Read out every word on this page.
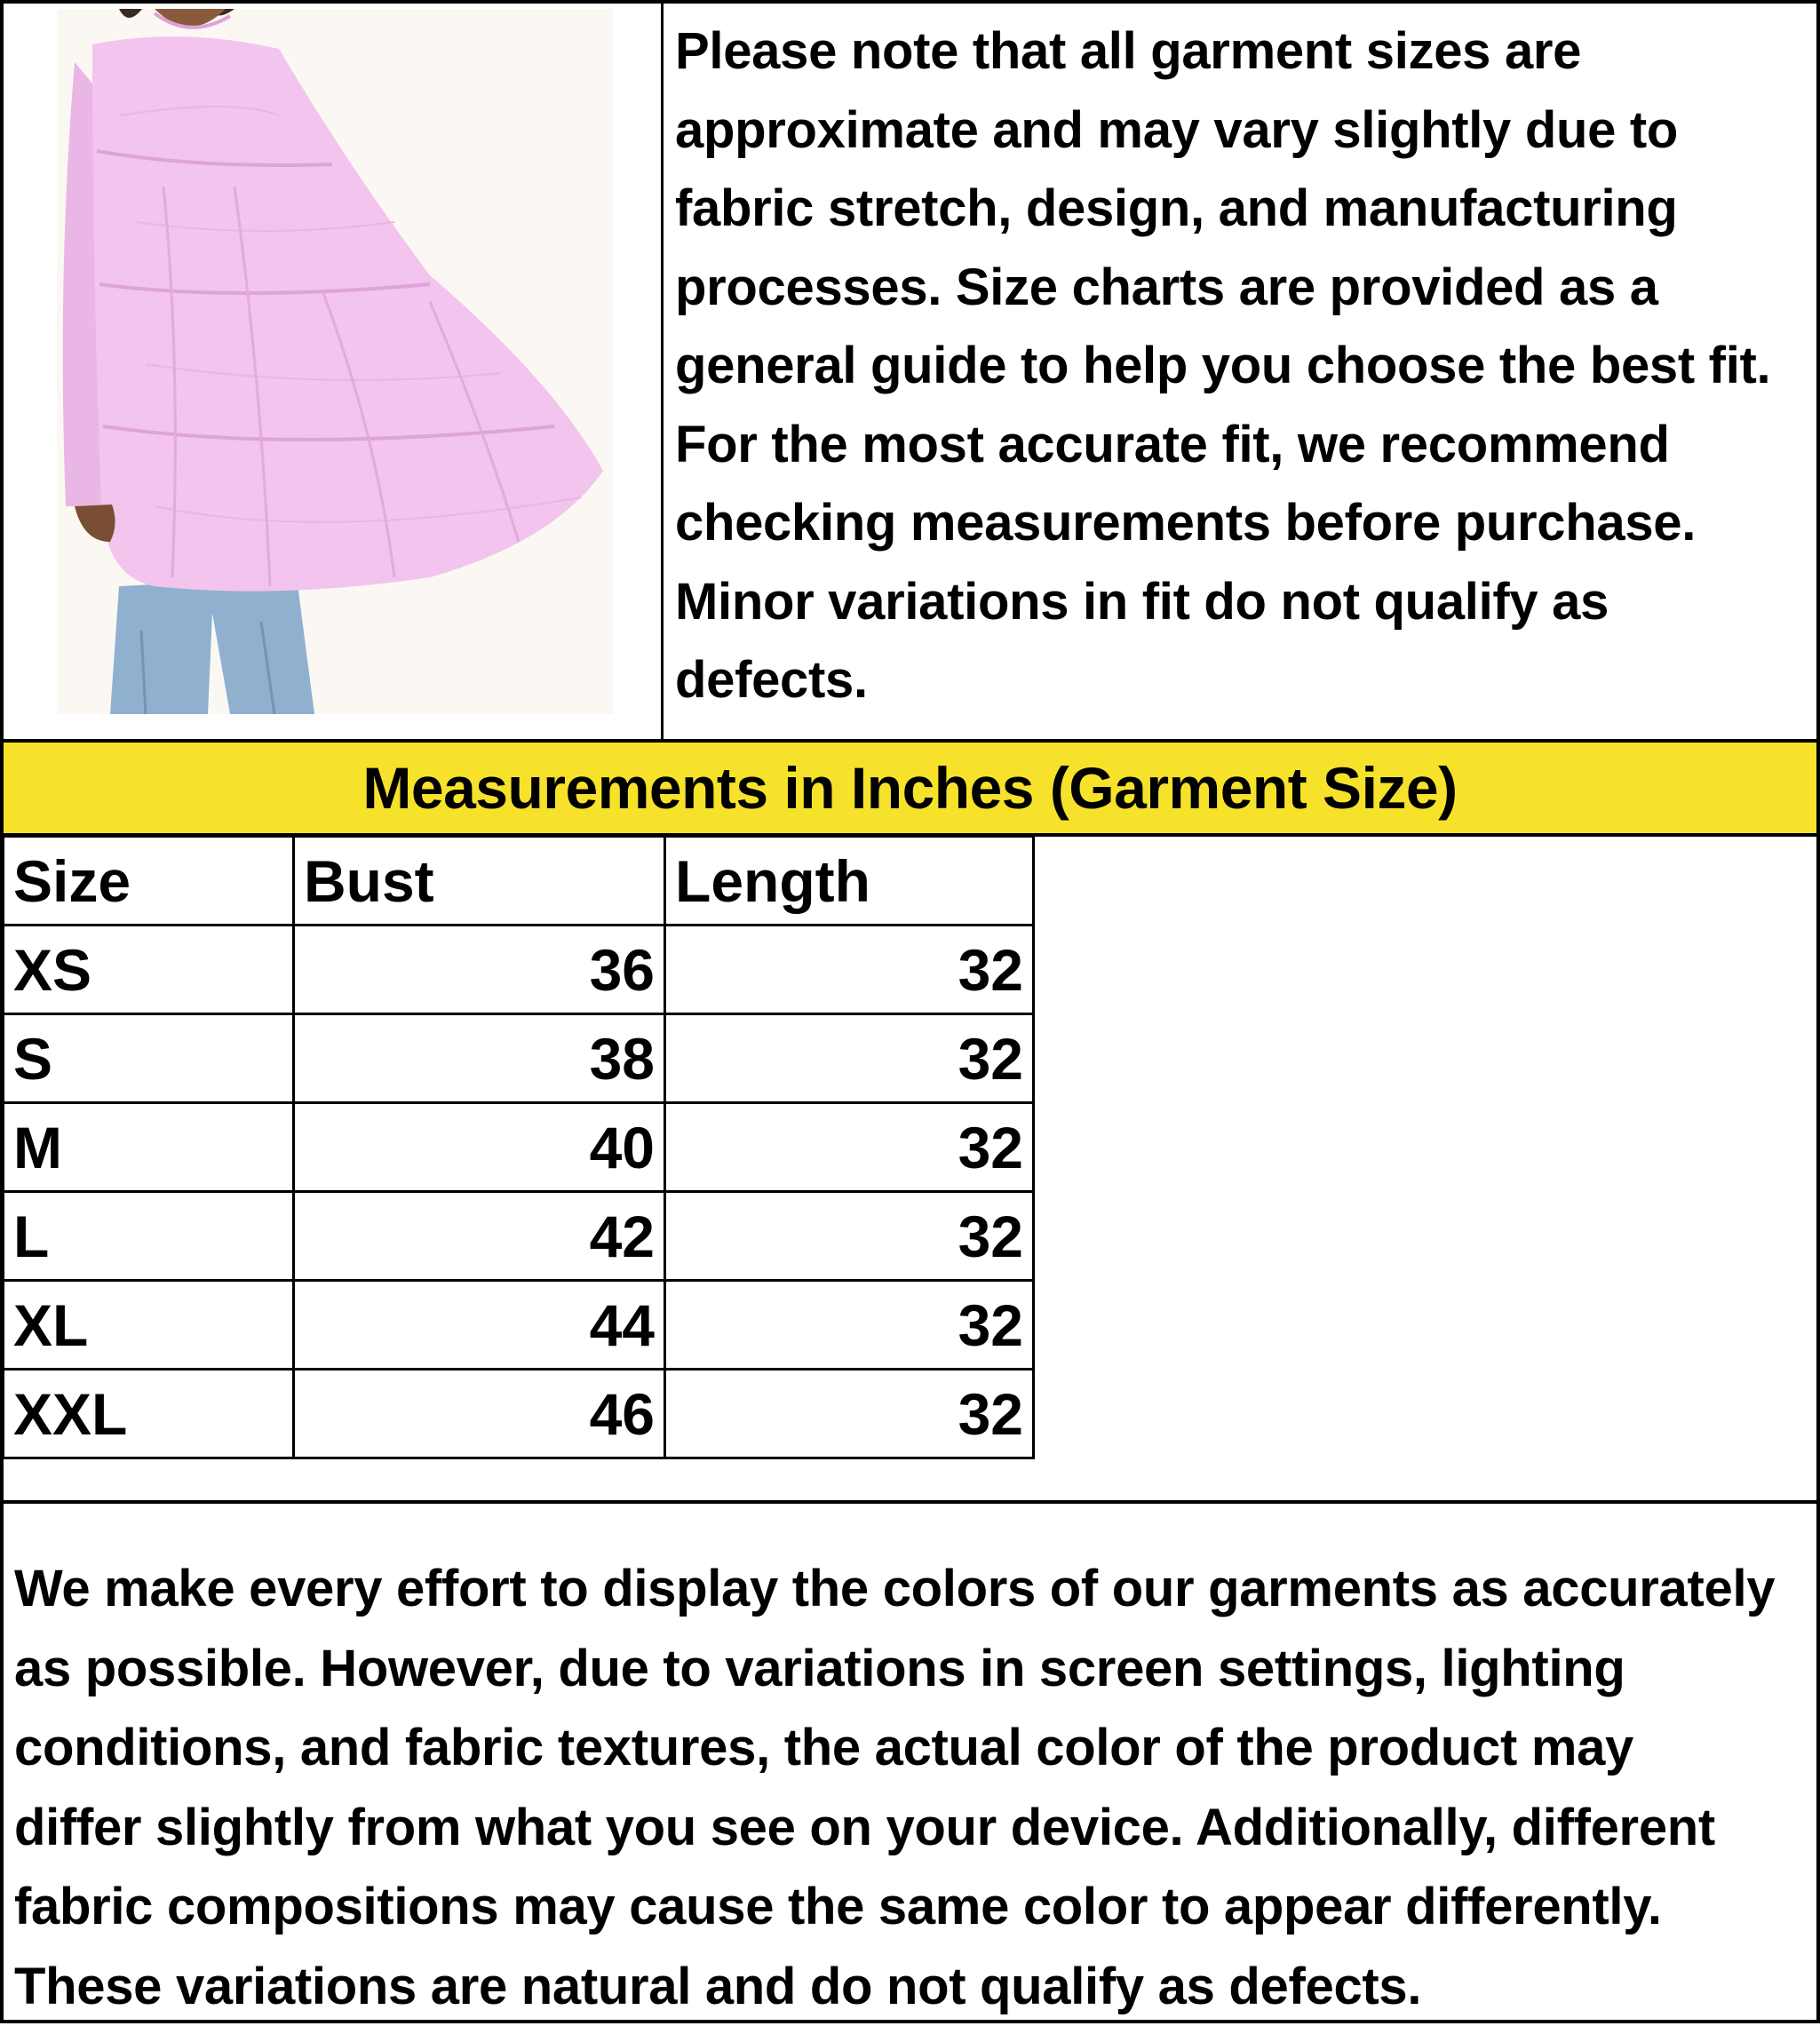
Please note that all garment sizes are
approximate and may vary slightly due to
fabric stretch, design, and manufacturing
processes. Size charts are provided as a
general guide to help you choose the best fit.
For the most accurate fit, we recommend
checking measurements before purchase.
Minor variations in fit do not qualify as
defects.

Measurements in Inches (Garment Size)
Size	Bust	Length
XS	36	32
S	38	32
M	40	32
L	42	32
XL	44	32
XXL	46	32

We make every effort to display the colors of our garments as accurately
as possible. However, due to variations in screen settings, lighting
conditions, and fabric textures, the actual color of the product may
differ slightly from what you see on your device. Additionally, different
fabric compositions may cause the same color to appear differently.
These variations are natural and do not qualify as defects.
